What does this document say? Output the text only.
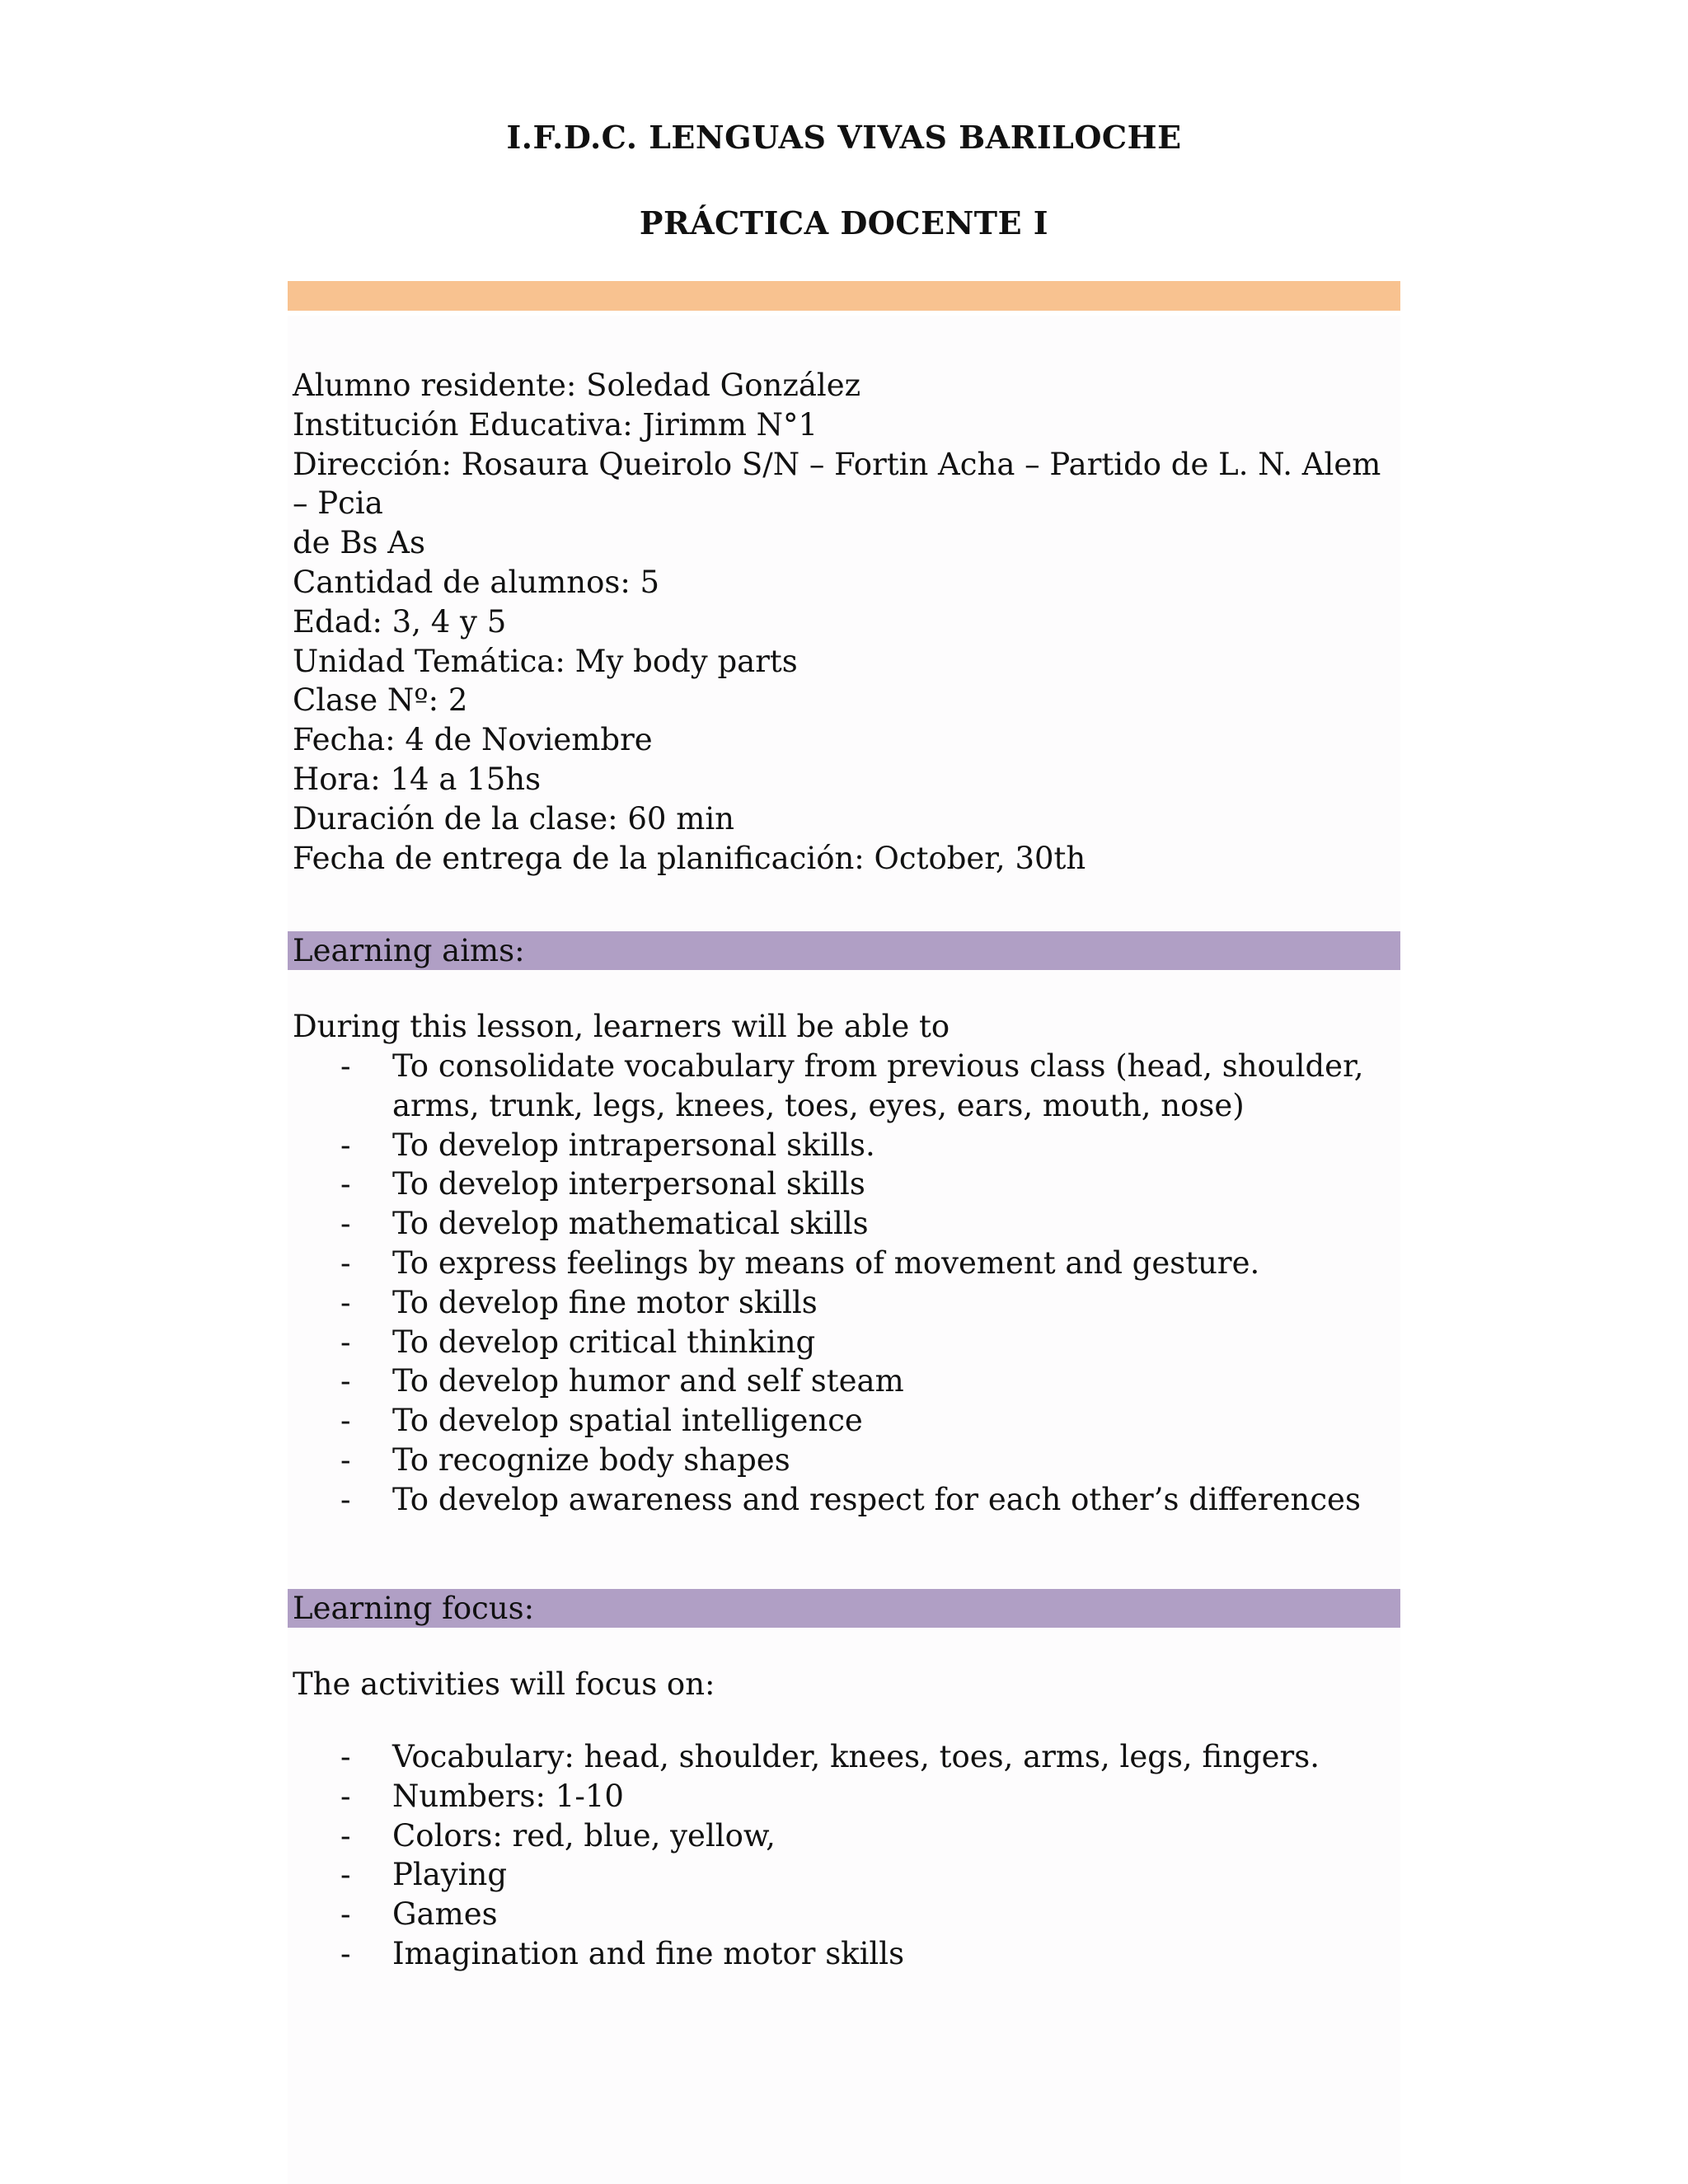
I.F.D.C. LENGUAS VIVAS BARILOCHE
PRÁCTICA DOCENTE I
Alumno residente: Soledad González
Institución Educativa: Jirimm N°1
Dirección: Rosaura Queirolo S/N – Fortin Acha – Partido de L. N. Alem – Pcia
de Bs As
Cantidad de alumnos: 5
Edad: 3, 4 y 5
Unidad Temática: My body parts
Clase Nº: 2
Fecha: 4 de Noviembre
Hora: 14 a 15hs
Duración de la clase: 60 min
Fecha de entrega de la planificación: October, 30th
Learning aims:

During this lesson, learners will be able to

- To consolidate vocabulary from previous class (head, shoulder, arms, trunk, legs, knees, toes, eyes, ears, mouth, nose)
- To develop intrapersonal skills.
- To develop interpersonal skills
- To develop mathematical skills
- To express feelings by means of movement and gesture.
- To develop fine motor skills
- To develop critical thinking
- To develop humor and self steam
- To develop spatial intelligence
- To recognize body shapes
- To develop awareness and respect for each other’s differences
Learning focus:

The activities will focus on:

- Vocabulary: head, shoulder, knees, toes, arms, legs, fingers.
- Numbers: 1-10
- Colors: red, blue, yellow,
- Playing
- Games
- Imagination and fine motor skills
